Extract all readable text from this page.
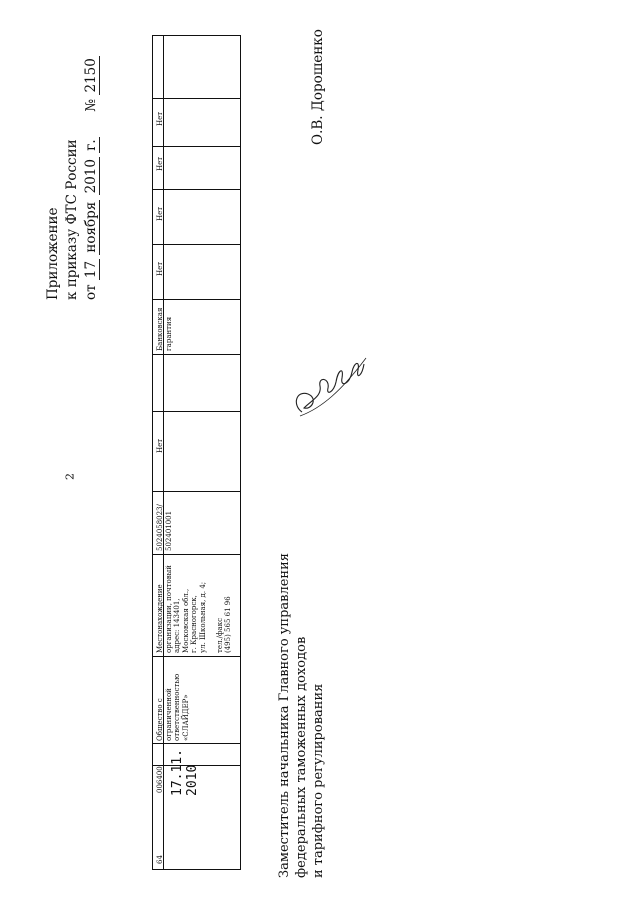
2
Приложение к приказу ФТС России от 17 ноября 2010 г.      № 2150
64
006400 17.11. 2010
Общество с ограниченной ответственностью «СЛАЙДЕР»
Местонахождение организации, почтовый адрес: 143401, Московская обл., г. Красногорск, ул. Школьная, д. 4;
тел./факс (495) 565 61 96
5024058023/ 502401001
Нет
Банковская гарантия
Нет
Нет
Нет
Нет	О.В. Дорошенко
Заместитель начальника Главного управления федеральных таможенных доходов и тарифного регулирования
